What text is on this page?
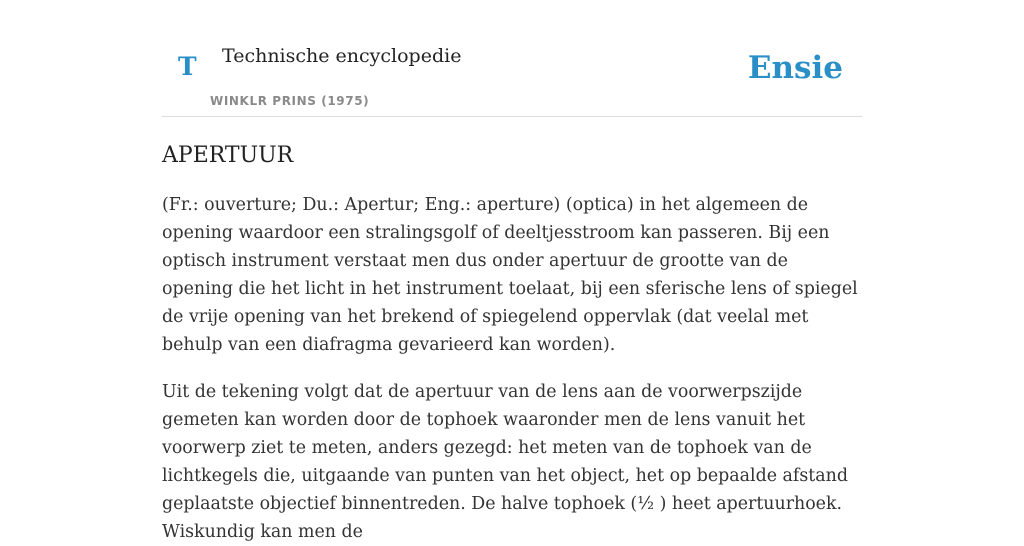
T Technische encyclopedie
WINKLR PRINS (1975)
Ensie
APERTUUR

(Fr.: ouverture; Du.: Apertur; Eng.: aperture) (optica) in het algemeen de opening waardoor een stralingsgolf of deeltjesstroom kan passeren. Bij een optisch instrument verstaat men dus onder apertuur de grootte van de opening die het licht in het instrument toelaat, bij een sferische lens of spiegel de vrije opening van het brekend of spiegelend oppervlak (dat veelal met behulp van een diafragma gevarieerd kan worden).

Uit de tekening volgt dat de apertuur van de lens aan de voorwerpszijde gemeten kan worden door de tophoek waaronder men de lens vanuit het voorwerp ziet te meten, anders gezegd: het meten van de tophoek van de lichtkegels die, uitgaande van punten van het object, het op bepaalde afstand geplaatste objectief binnentreden. De halve tophoek (½ ) heet apertuurhoek. Wiskundig kan men de
